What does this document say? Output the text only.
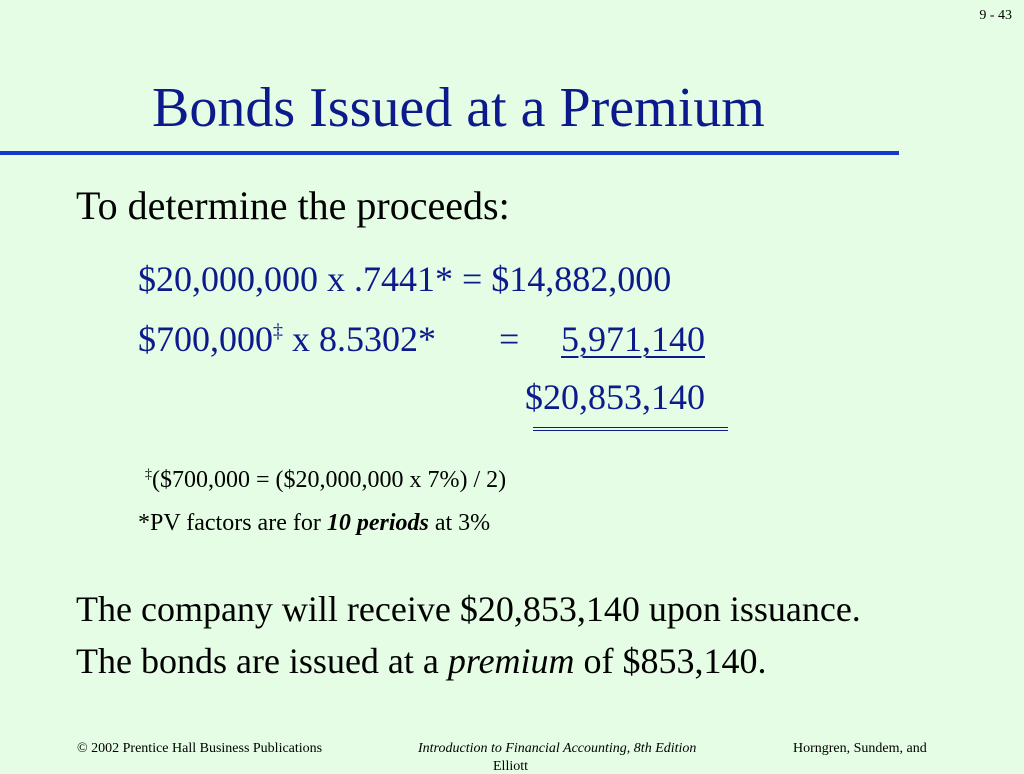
9 - 43
Bonds Issued at a Premium
To determine the proceeds:
$20,000,000 x .7441* = $14,882,000
$700,000‡ x 8.5302* =	5,971,140
$20,853,140
‡($700,000 = ($20,000,000 x 7%) / 2)
*PV factors are for 10 periods at 3%
The company will receive $20,853,140 upon issuance.
The bonds are issued at a premium of $853,140.
© 2002 Prentice Hall Business Publications	Introduction to Financial Accounting, 8th Edition	Horngren, Sundem, and
Elliott
